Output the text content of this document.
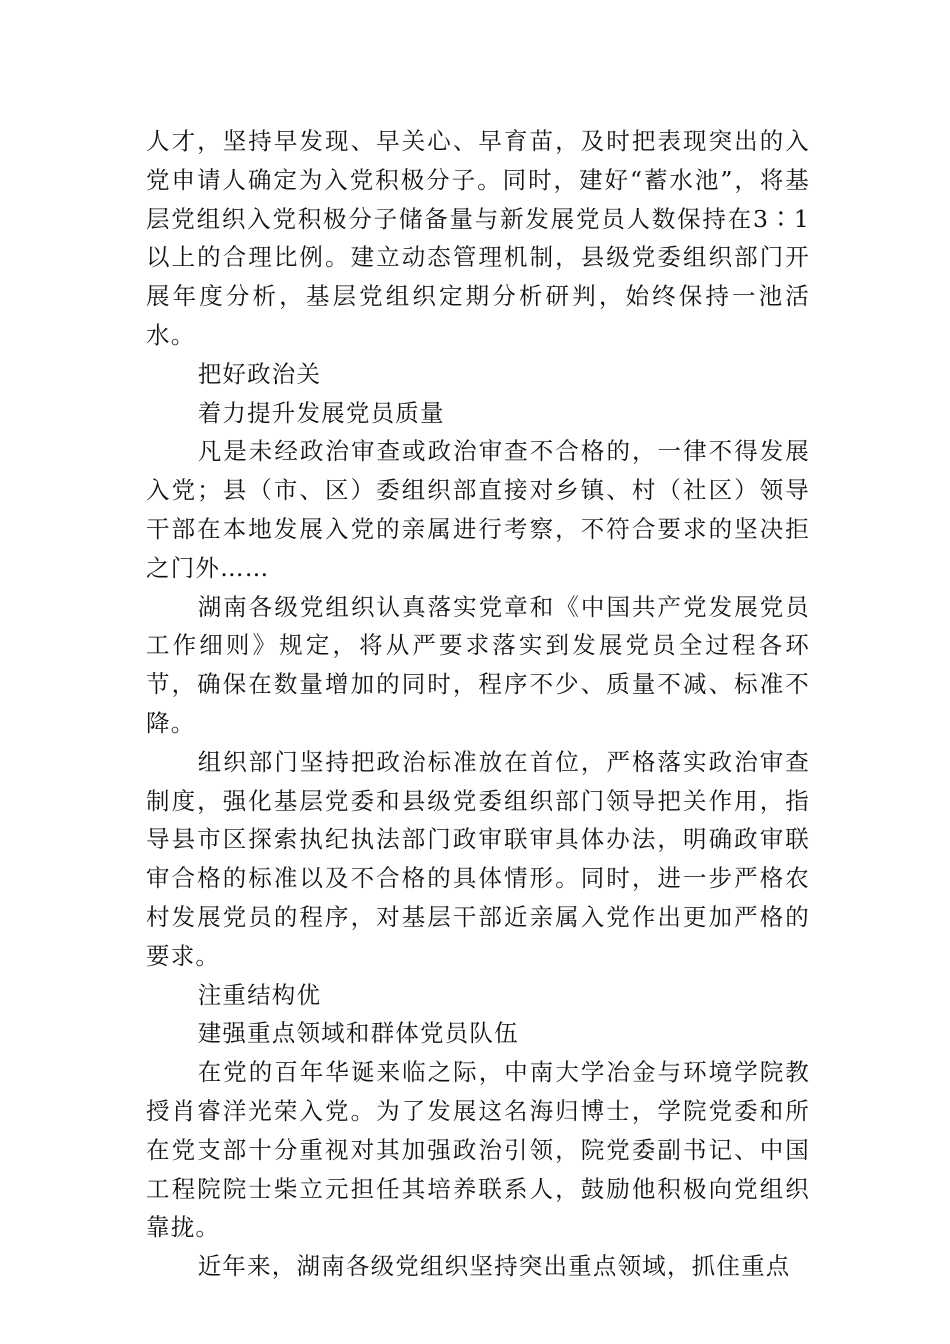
人才，坚持早发现、早关心、早育苗，及时把表现突出的入党申请人确定为入党积极分子。同时，建好“蓄水池”，将基层党组织入党积极分子储备量与新发展党员人数保持在3∶1以上的合理比例。建立动态管理机制，县级党委组织部门开展年度分析，基层党组织定期分析研判，始终保持一池活水。

把好政治关

着力提升发展党员质量

凡是未经政治审查或政治审查不合格的，一律不得发展入党；县（市、区）委组织部直接对乡镇、村（社区）领导干部在本地发展入党的亲属进行考察，不符合要求的坚决拒之门外……

湖南各级党组织认真落实党章和《中国共产党发展党员工作细则》规定，将从严要求落实到发展党员全过程各环节，确保在数量增加的同时，程序不少、质量不减、标准不降。

组织部门坚持把政治标准放在首位，严格落实政治审查制度，强化基层党委和县级党委组织部门领导把关作用，指导县市区探索执纪执法部门政审联审具体办法，明确政审联审合格的标准以及不合格的具体情形。同时，进一步严格农村发展党员的程序，对基层干部近亲属入党作出更加严格的要求。

注重结构优

建强重点领域和群体党员队伍

在党的百年华诞来临之际，中南大学冶金与环境学院教授肖睿洋光荣入党。为了发展这名海归博士，学院党委和所在党支部十分重视对其加强政治引领，院党委副书记、中国工程院院士柴立元担任其培养联系人，鼓励他积极向党组织靠拢。

近年来，湖南各级党组织坚持突出重点领域，抓住重点
